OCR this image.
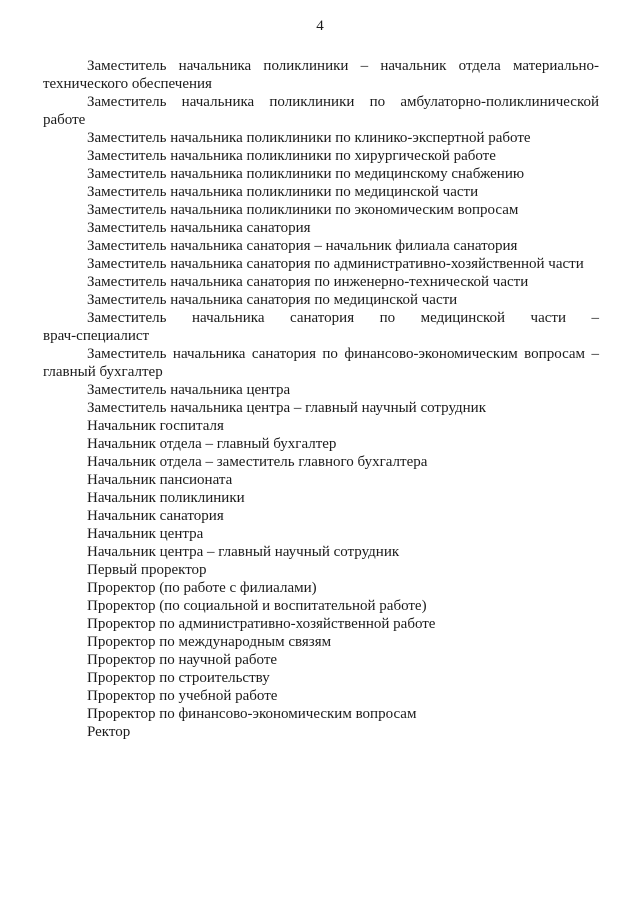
4
Заместитель начальника поликлиники – начальник отдела материально-
технического обеспечения
Заместитель начальника поликлиники по амбулаторно-поликлинической
работе
Заместитель начальника поликлиники по клинико-экспертной работе
Заместитель начальника поликлиники по хирургической работе
Заместитель начальника поликлиники по медицинскому снабжению
Заместитель начальника поликлиники по медицинской части
Заместитель начальника поликлиники по экономическим вопросам
Заместитель начальника санатория
Заместитель начальника санатория – начальник филиала санатория
Заместитель начальника санатория по административно-хозяйственной части
Заместитель начальника санатория по инженерно-технической части
Заместитель начальника санатория по медицинской части
Заместитель начальника санатория по медицинской части –
врач-специалист
Заместитель начальника санатория по финансово-экономическим вопросам –
главный бухгалтер
Заместитель начальника центра
Заместитель начальника центра – главный научный сотрудник
Начальник госпиталя
Начальник отдела – главный бухгалтер
Начальник отдела – заместитель главного бухгалтера
Начальник пансионата
Начальник поликлиники
Начальник санатория
Начальник центра
Начальник центра – главный научный сотрудник
Первый проректор
Проректор (по работе с филиалами)
Проректор (по социальной и воспитательной работе)
Проректор по административно-хозяйственной работе
Проректор по международным связям
Проректор по научной работе
Проректор по строительству
Проректор по учебной работе
Проректор по финансово-экономическим вопросам
Ректор
